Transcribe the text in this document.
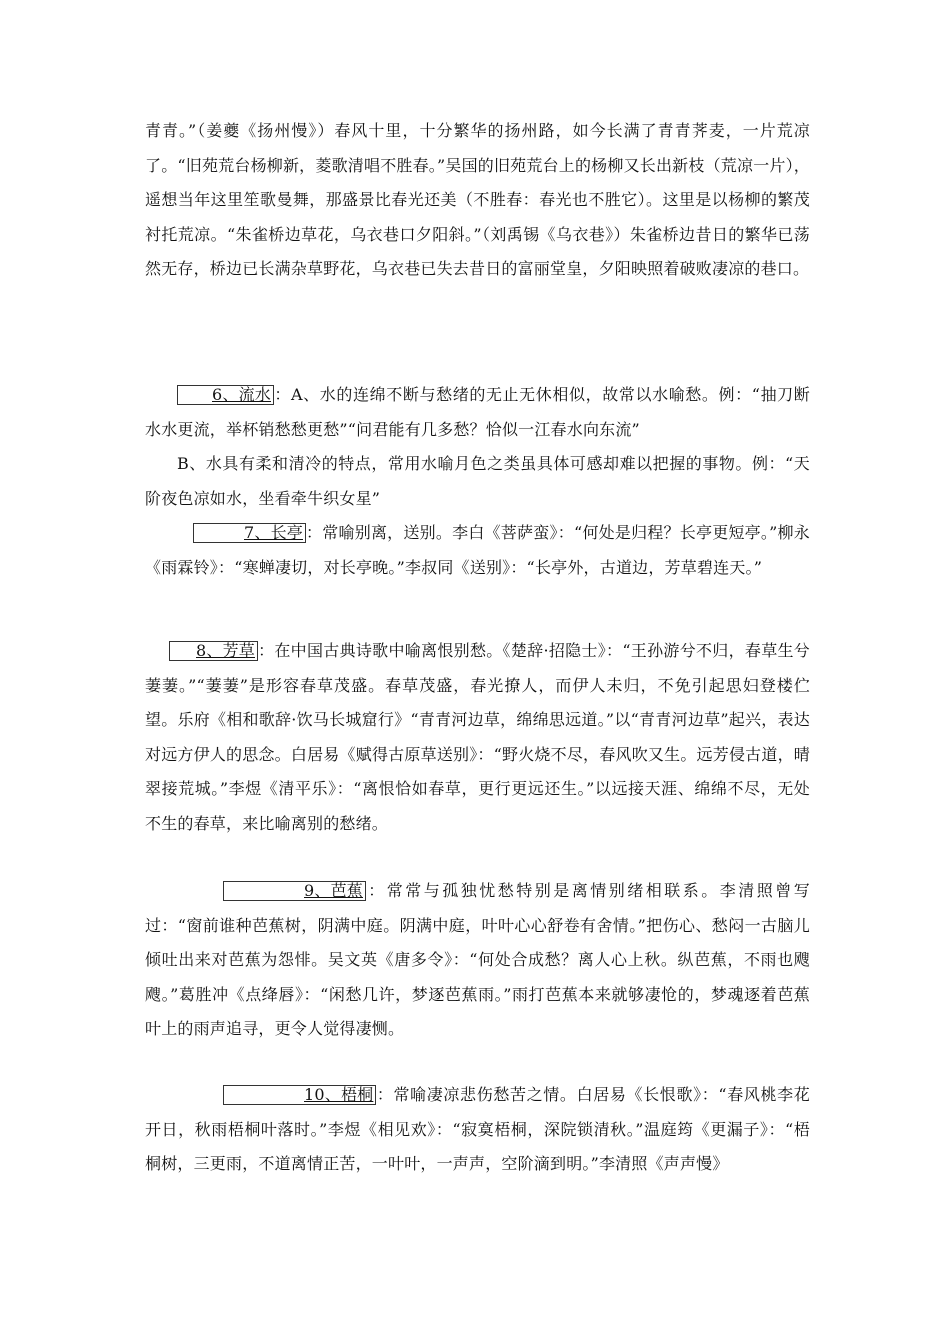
青青。”（姜夔《扬州慢》）春风十里，十分繁华的扬州路，如今长满了青青荠麦，一片荒凉了。“旧苑荒台杨柳新，菱歌清唱不胜春。”吴国的旧苑荒台上的杨柳又长出新枝（荒凉一片），遥想当年这里笙歌曼舞，那盛景比春光还美（不胜春：春光也不胜它）。这里是以杨柳的繁茂衬托荒凉。“朱雀桥边草花，乌衣巷口夕阳斜。”（刘禹锡《乌衣巷》）朱雀桥边昔日的繁华已荡然无存，桥边已长满杂草野花，乌衣巷已失去昔日的富丽堂皇，夕阳映照着破败凄凉的巷口。

6、流水 ：A、水的连绵不断与愁绪的无止无休相似，故常以水喻愁。例：“抽刀断水水更流，举杯销愁愁更愁”“问君能有几多愁？恰似一江春水向东流”

B、水具有柔和清冷的特点，常用水喻月色之类虽具体可感却难以把握的事物。例：“天阶夜色凉如水，坐看牵牛织女星”

7、长亭 ：常喻别离，送别。李白《菩萨蛮》：“何处是归程？长亭更短亭。”柳永《雨霖铃》：“寒蝉凄切，对长亭晚。”李叔同《送别》：“长亭外，古道边，芳草碧连天。”

8、芳草 ：在中国古典诗歌中喻离恨别愁。《楚辞·招隐士》：“王孙游兮不归，春草生兮萋萋。”“萋萋”是形容春草茂盛。春草茂盛，春光撩人，而伊人未归，不免引起思妇登楼伫望。乐府《相和歌辞·饮马长城窟行》“青青河边草，绵绵思远道。”以“青青河边草”起兴，表达对远方伊人的思念。白居易《赋得古原草送别》：“野火烧不尽，春风吹又生。远芳侵古道，晴翠接荒城。”李煜《清平乐》：“离恨恰如春草，更行更远还生。”以远接天涯、绵绵不尽，无处不生的春草，来比喻离别的愁绪。

9、芭蕉 ：常常与孤独忧愁特别是离情别绪相联系。李清照曾写过：“窗前谁种芭蕉树，阴满中庭。阴满中庭，叶叶心心舒卷有舍情。”把伤心、愁闷一古脑儿倾吐出来对芭蕉为怨悱。吴文英《唐多令》：“何处合成愁？离人心上秋。纵芭蕉，不雨也飕飕。”葛胜冲《点绛唇》：“闲愁几许，梦逐芭蕉雨。”雨打芭蕉本来就够凄怆的，梦魂逐着芭蕉叶上的雨声追寻，更令人觉得凄恻。

10、梧桐 ：常喻凄凉悲伤愁苦之情。白居易《长恨歌》：“春风桃李花开日，秋雨梧桐叶落时。”李煜《相见欢》：“寂寞梧桐，深院锁清秋。”温庭筠《更漏子》：“梧桐树，三更雨，不道离情正苦，一叶叶，一声声，空阶滴到明。”李清照《声声慢》
